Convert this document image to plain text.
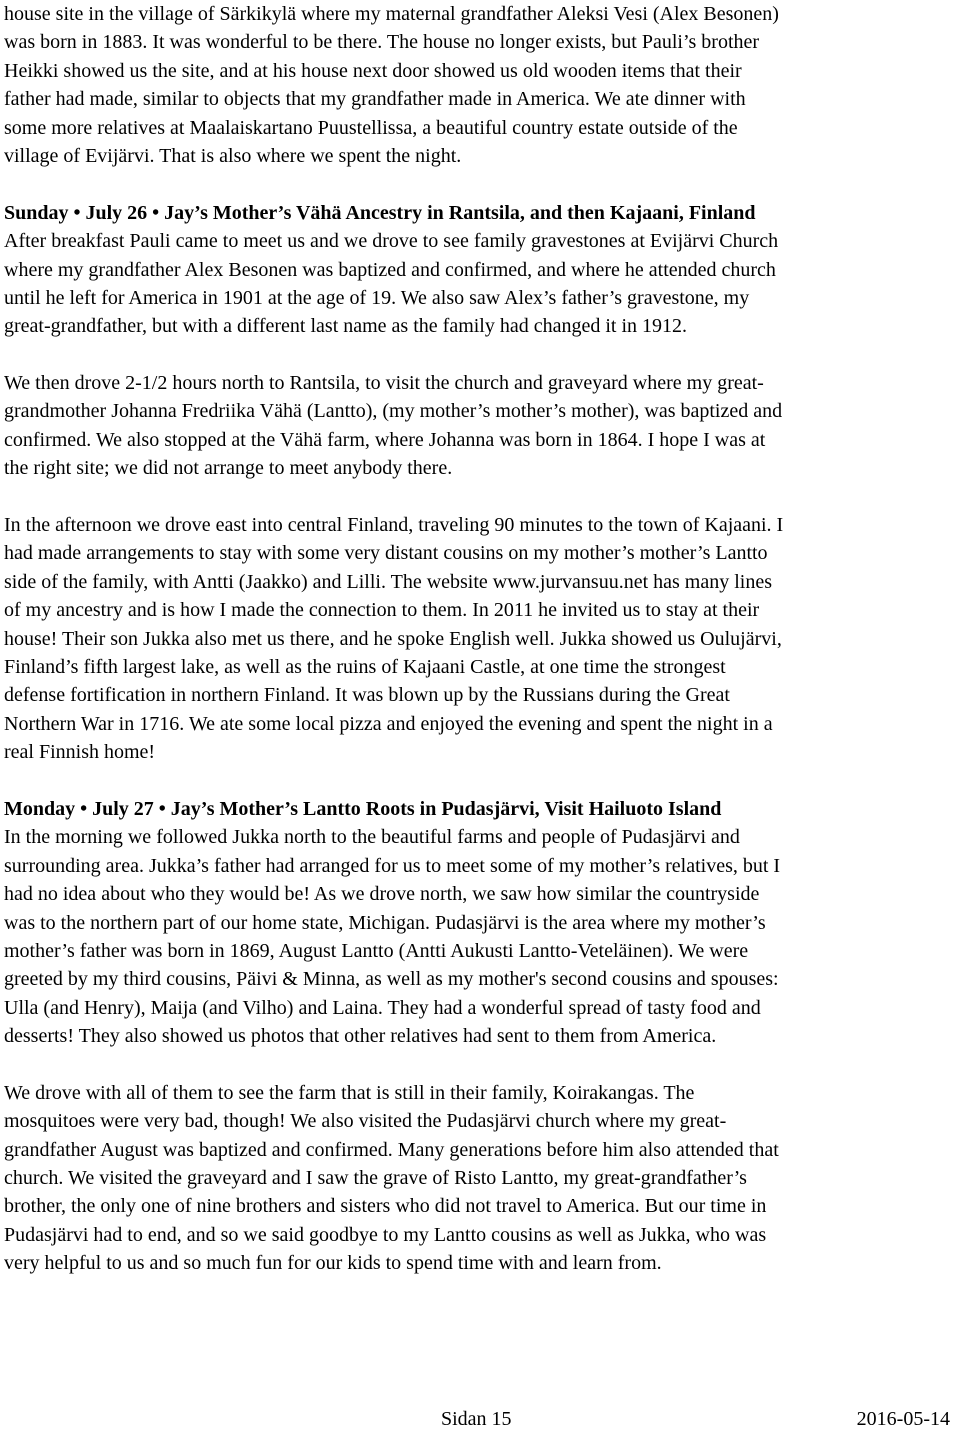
house site in the village of Särkikylä where my maternal grandfather Aleksi Vesi (Alex Besonen)
was born in 1883. It was wonderful to be there. The house no longer exists, but Pauli’s brother
Heikki showed us the site, and at his house next door showed us old wooden items that their
father had made, similar to objects that my grandfather made in America. We ate dinner with
some more relatives at Maalaiskartano Puustellissa, a beautiful country estate outside of the
village of Evijärvi. That is also where we spent the night.
Sunday • July 26 • Jay’s Mother’s Vähä Ancestry in Rantsila, and then Kajaani, Finland
After breakfast Pauli came to meet us and we drove to see family gravestones at Evijärvi Church
where my grandfather Alex Besonen was baptized and confirmed, and where he attended church
until he left for America in 1901 at the age of 19. We also saw Alex’s father’s gravestone, my
great-grandfather, but with a different last name as the family had changed it in 1912.
We then drove 2-1/2 hours north to Rantsila, to visit the church and graveyard where my great-
grandmother Johanna Fredriika Vähä (Lantto), (my mother’s mother’s mother), was baptized and
confirmed. We also stopped at the Vähä farm, where Johanna was born in 1864. I hope I was at
the right site; we did not arrange to meet anybody there.
In the afternoon we drove east into central Finland, traveling 90 minutes to the town of Kajaani. I
had made arrangements to stay with some very distant cousins on my mother’s mother’s Lantto
side of the family, with Antti (Jaakko) and Lilli. The website www.jurvansuu.net has many lines
of my ancestry and is how I made the connection to them. In 2011 he invited us to stay at their
house! Their son Jukka also met us there, and he spoke English well. Jukka showed us Oulujärvi,
Finland’s fifth largest lake, as well as the ruins of Kajaani Castle, at one time the strongest
defense fortification in northern Finland. It was blown up by the Russians during the Great
Northern War in 1716. We ate some local pizza and enjoyed the evening and spent the night in a
real Finnish home!
Monday • July 27 • Jay’s Mother’s Lantto Roots in Pudasjärvi, Visit Hailuoto Island
In the morning we followed Jukka north to the beautiful farms and people of Pudasjärvi and
surrounding area. Jukka’s father had arranged for us to meet some of my mother’s relatives, but I
had no idea about who they would be! As we drove north, we saw how similar the countryside
was to the northern part of our home state, Michigan. Pudasjärvi is the area where my mother’s
mother’s father was born in 1869, August Lantto (Antti Aukusti Lantto-Veteläinen). We were
greeted by my third cousins, Päivi & Minna, as well as my mother's second cousins and spouses:
Ulla (and Henry), Maija (and Vilho) and Laina. They had a wonderful spread of tasty food and
desserts! They also showed us photos that other relatives had sent to them from America.
We drove with all of them to see the farm that is still in their family, Koirakangas. The
mosquitoes were very bad, though! We also visited the Pudasjärvi church where my great-
grandfather August was baptized and confirmed. Many generations before him also attended that
church. We visited the graveyard and I saw the grave of Risto Lantto, my great-grandfather’s
brother, the only one of nine brothers and sisters who did not travel to America. But our time in
Pudasjärvi had to end, and so we said goodbye to my Lantto cousins as well as Jukka, who was
very helpful to us and so much fun for our kids to spend time with and learn from.
Sidan 15	2016-05-14
